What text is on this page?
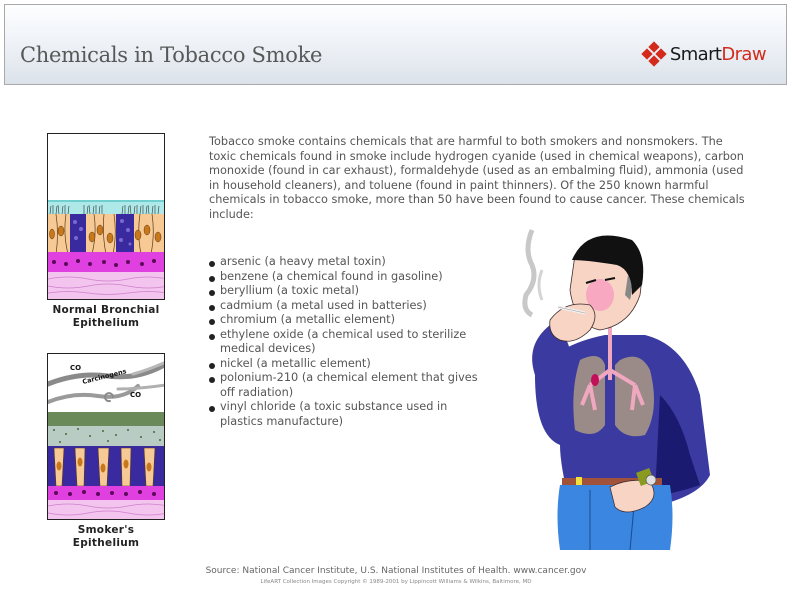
Chemicals in Tobacco Smoke	SmartDraw
Normal Bronchial
Epithelium
CO Carcinogens
CO
Smoker's
Epithelium
Tobacco smoke contains chemicals that are harmful to both smokers and nonsmokers. The toxic chemicals found in smoke include hydrogen cyanide (used in chemical weapons), carbon monoxide (found in car exhaust), formaldehyde (used as an embalming fluid), ammonia (used in household cleaners), and toluene (found in paint thinners). Of the 250 known harmful chemicals in tobacco smoke, more than 50 have been found to cause cancer. These chemicals include:
arsenic (a heavy metal toxin)
benzene (a chemical found in gasoline)
beryllium (a toxic metal)
cadmium (a metal used in batteries)
chromium (a metallic element)
ethylene oxide (a chemical used to sterilize medical devices)
nickel (a metallic element)
polonium-210 (a chemical element that gives off radiation)
vinyl chloride (a toxic substance used in plastics manufacture)
Source: National Cancer Institute, U.S. National Institutes of Health. www.cancer.gov
LifeART Collection Images Copyright © 1989-2001 by Lippincott Williams & Wilkins, Baltimore, MD
